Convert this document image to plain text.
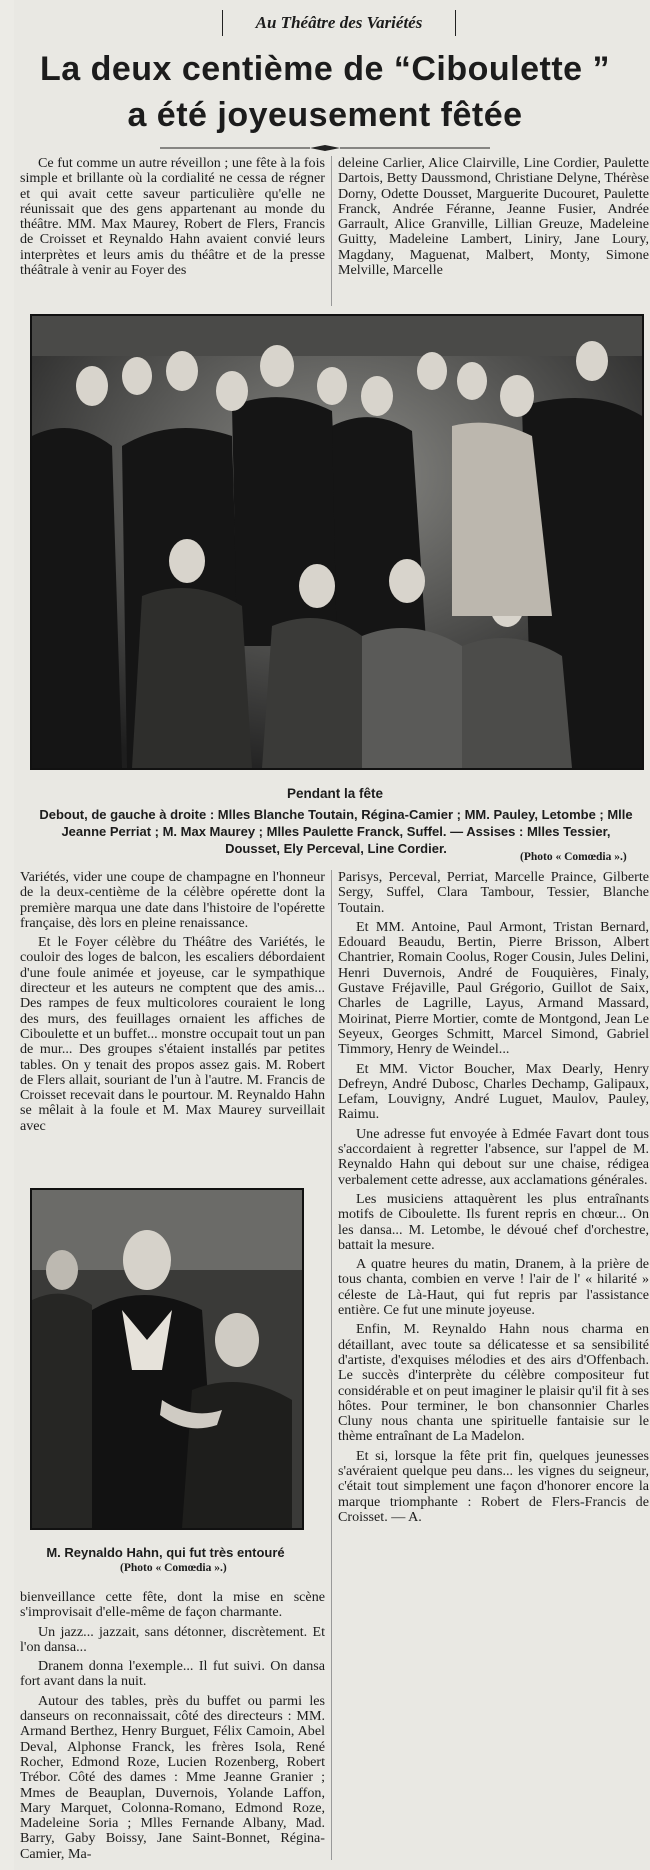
Au Théâtre des Variétés
La deux centième de “Ciboulette ”
a été joyeusement fêtée

Ce fut comme un autre réveillon ; une fête à la fois simple et brillante où la cordialité ne cessa de régner et qui avait cette saveur particulière qu'elle ne réunissait que des gens appartenant au monde du théâtre. MM. Max Maurey, Robert de Flers, Francis de Croisset et Reynaldo Hahn avaient convié leurs interprètes et leurs amis du théâtre et de la presse théâtrale à venir au Foyer des

deleine Carlier, Alice Clairville, Line Cordier, Paulette Dartois, Betty Daussmond, Christiane Delyne, Thérèse Dorny, Odette Dousset, Marguerite Ducouret, Paulette Franck, Andrée Féranne, Jeanne Fusier, Andrée Garrault, Alice Granville, Lillian Greuze, Madeleine Guitty, Madeleine Lambert, Liniry, Jane Loury, Magdany, Maguenat, Malbert, Monty, Simone Melville, Marcelle

Pendant la fête
Debout, de gauche à droite : Mlles Blanche Toutain, Régina-Camier ; MM. Pauley, Letombe ; Mlle Jeanne Perriat ; M. Max Maurey ; Mlles Paulette Franck, Suffel. — Assises : Mlles Tessier, Dousset, Ely Perceval, Line Cordier.
(Photo « Comœdia ».)

Variétés, vider une coupe de champagne en l'honneur de la deux-centième de la célèbre opérette dont la première marqua une date dans l'histoire de l'opérette française, dès lors en pleine renaissance.

Et le Foyer célèbre du Théâtre des Variétés, le couloir des loges de balcon, les escaliers débordaient d'une foule animée et joyeuse, car le sympathique directeur et les auteurs ne comptent que des amis... Des rampes de feux multicolores couraient le long des murs, des feuillages ornaient les affiches de Ciboulette et un buffet... monstre occupait tout un pan de mur... Des groupes s'étaient installés par petites tables. On y tenait des propos assez gais. M. Robert de Flers allait, souriant de l'un à l'autre. M. Francis de Croisset recevait dans le pourtour. M. Reynaldo Hahn se mêlait à la foule et M. Max Maurey surveillait avec

M. Reynaldo Hahn, qui fut très entouré
(Photo « Comœdia ».)

bienveillance cette fête, dont la mise en scène s'improvisait d'elle-même de façon charmante.

Un jazz... jazzait, sans détonner, discrètement. Et l'on dansa...

Dranem donna l'exemple... Il fut suivi. On dansa fort avant dans la nuit.

Autour des tables, près du buffet ou parmi les danseurs on reconnaissait, côté des directeurs : MM. Armand Berthez, Henry Burguet, Félix Camoin, Abel Deval, Alphonse Franck, les frères Isola, René Rocher, Edmond Roze, Lucien Rozenberg, Robert Trébor. Côté des dames : Mme Jeanne Granier ; Mmes de Beauplan, Duvernois, Yolande Laffon, Mary Marquet, Colonna-Romano, Edmond Roze, Madeleine Soria ; Mlles Fernande Albany, Mad. Barry, Gaby Boissy, Jane Saint-Bonnet, Régina-Camier, Ma-

Parisys, Perceval, Perriat, Marcelle Praince, Gilberte Sergy, Suffel, Clara Tambour, Tessier, Blanche Toutain.

Et MM. Antoine, Paul Armont, Tristan Bernard, Edouard Beaudu, Bertin, Pierre Brisson, Albert Chantrier, Romain Coolus, Roger Cousin, Jules Delini, Henri Duvernois, André de Fouquières, Finaly, Gustave Fréjaville, Paul Grégorio, Guillot de Saix, Charles de Lagrille, Layus, Armand Massard, Moirinat, Pierre Mortier, comte de Montgond, Jean Le Seyeux, Georges Schmitt, Marcel Simond, Gabriel Timmory, Henry de Weindel...

Et MM. Victor Boucher, Max Dearly, Henry Defreyn, André Dubosc, Charles Dechamp, Galipaux, Lefam, Louvigny, André Luguet, Maulov, Pauley, Raimu.

Une adresse fut envoyée à Edmée Favart dont tous s'accordaient à regretter l'absence, sur l'appel de M. Reynaldo Hahn qui debout sur une chaise, rédigea verbalement cette adresse, aux acclamations générales.

Les musiciens attaquèrent les plus entraînants motifs de Ciboulette. Ils furent repris en chœur... On les dansa... M. Letombe, le dévoué chef d'orchestre, battait la mesure.

A quatre heures du matin, Dranem, à la prière de tous chanta, combien en verve ! l'air de l' « hilarité » céleste de Là-Haut, qui fut repris par l'assistance entière. Ce fut une minute joyeuse.

Enfin, M. Reynaldo Hahn nous charma en détaillant, avec toute sa délicatesse et sa sensibilité d'artiste, d'exquises mélodies et des airs d'Offenbach. Le succès d'interprète du célèbre compositeur fut considérable et on peut imaginer le plaisir qu'il fit à ses hôtes. Pour terminer, le bon chansonnier Charles Cluny nous chanta une spirituelle fantaisie sur le thème entraînant de La Madelon.

Et si, lorsque la fête prit fin, quelques jeunesses s'avéraient quelque peu dans... les vignes du seigneur, c'était tout simplement une façon d'honorer encore la marque triomphante : Robert de Flers-Francis de Croisset. — A.
